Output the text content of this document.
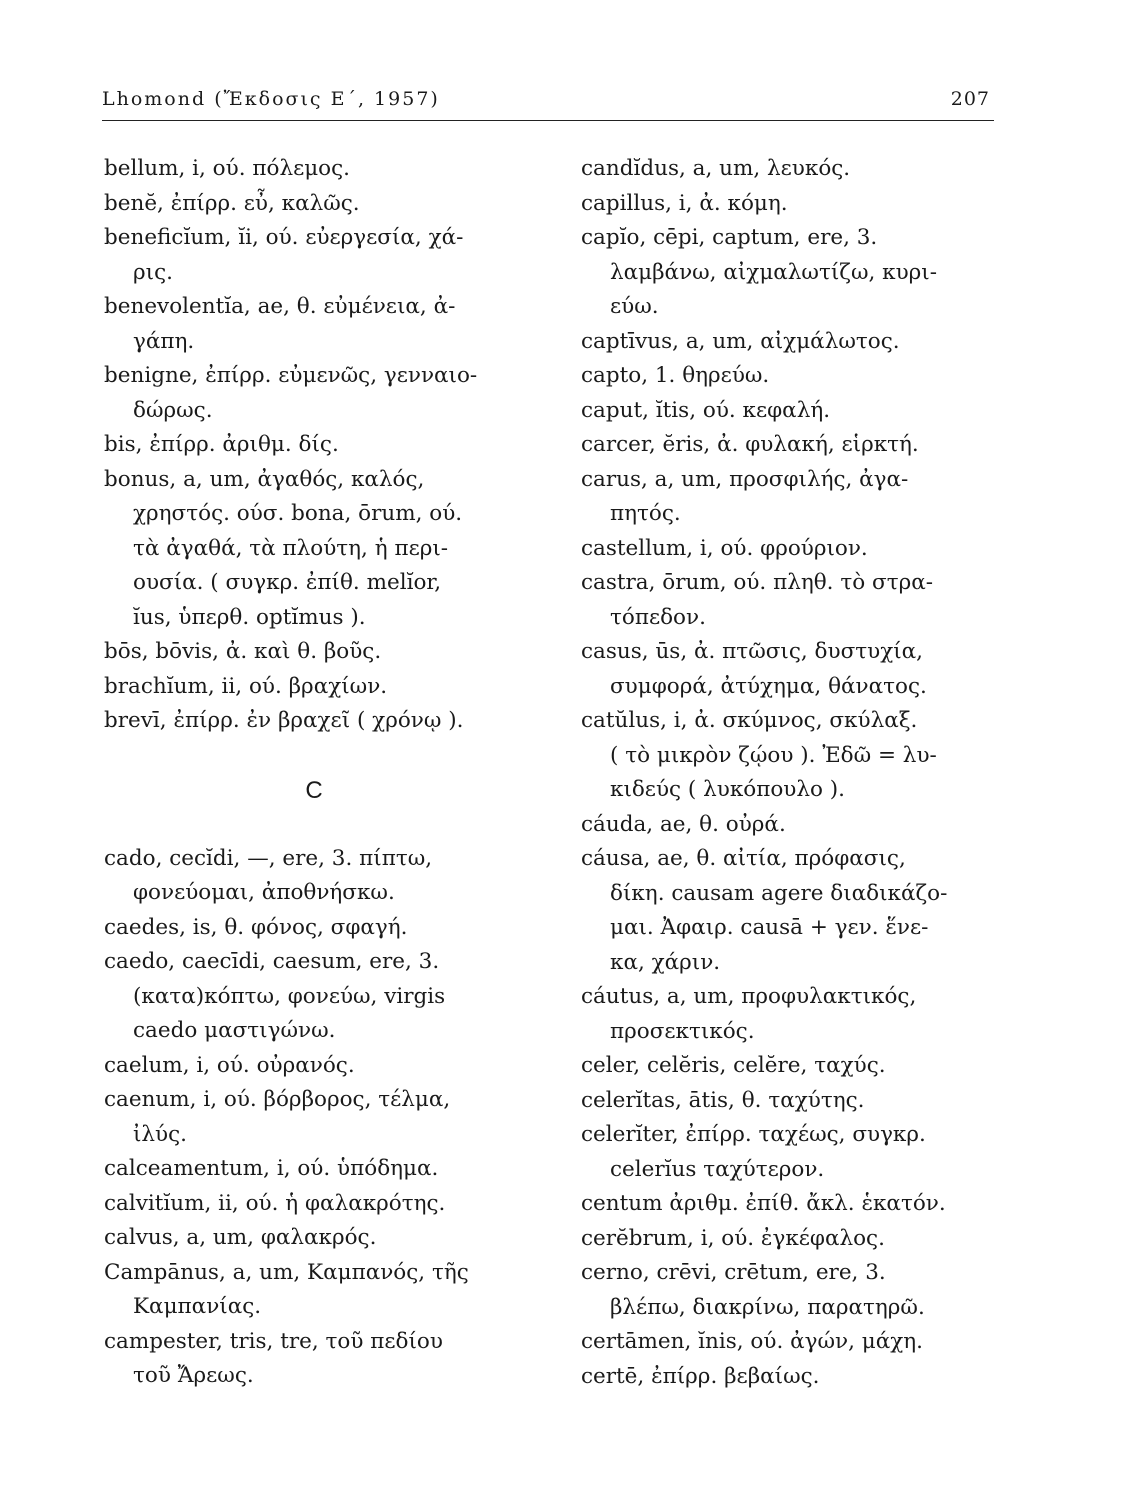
Lhomond (Ἔκδοσις Ε΄, 1957)	207
bellum, i, ού. πόλεμος.
benĕ, ἐπίρρ. εὖ, καλῶς.
beneficĭum, ĭi, ού. εὐεργεσία, χά-
ρις.
benevolentĭa, ae, θ. εὐμένεια, ἀ-
γάπη.
benigne, ἐπίρρ. εὐμενῶς, γενναιο-
δώρως.
bis, ἐπίρρ. ἀριθμ. δίς.
bonus, a, um, ἀγαθός, καλός,
χρηστός. ούσ. bona, ōrum, ού.
τὰ ἀγαθά, τὰ πλούτη, ἡ περι-
ουσία. ( συγκρ. ἐπίθ. melĭor,
ĭus, ὑπερθ. optĭmus ).
bōs, bōvis, ἀ. καὶ θ. βοῦς.
brachĭum, ii, ού. βραχίων.
brevī, ἐπίρρ. ἐν βραχεῖ ( χρόνῳ ).
C
cado, cecĭdi, —, ere, 3. πίπτω,
φονεύομαι, ἀποθνήσκω.
caedes, is, θ. φόνος, σφαγή.
caedo, caecīdi, caesum, ere, 3.
(κατα)κόπτω, φονεύω, virgis
caedo μαστιγώνω.
caelum, i, ού. οὐρανός.
caenum, i, ού. βόρβορος, τέλμα,
ἰλύς.
calceamentum, i, ού. ὑπόδημα.
calvitĭum, ii, ού. ἡ φαλακρότης.
calvus, a, um, φαλακρός.
Campānus, a, um, Καμπανός, τῆς
Καμπανίας.
campester, tris, tre, τοῦ πεδίου
τοῦ Ἄρεως.
candĭdus, a, um, λευκός.
capillus, i, ἀ. κόμη.
capĭo, cēpi, captum, ere, 3.
λαμβάνω, αἰχμαλωτίζω, κυρι-
εύω.
captīvus, a, um, αἰχμάλωτος.
capto, 1. θηρεύω.
caput, ĭtis, ού. κεφαλή.
carcer, ĕris, ἀ. φυλακή, εἱρκτή.
carus, a, um, προσφιλής, ἀγα-
πητός.
castellum, i, ού. φρούριον.
castra, ōrum, ού. πληθ. τὸ στρα-
τόπεδον.
casus, ūs, ἀ. πτῶσις, δυστυχία,
συμφορά, ἀτύχημα, θάνατος.
catŭlus, i, ἀ. σκύμνος, σκύλαξ.
( τὸ μικρὸν ζῴου ). Ἐδῶ = λυ-
κιδεύς ( λυκόπουλο ).
cáuda, ae, θ. οὐρά.
cáusa, ae, θ. αἰτία, πρόφασις,
δίκη. causam agere διαδικάζο-
μαι. Ἀφαιρ. causā + γεν. ἕνε-
κα, χάριν.
cáutus, a, um, προφυλακτικός,
προσεκτικός.
celer, celĕris, celĕre, ταχύς.
celerĭtas, ātis, θ. ταχύτης.
celerĭter, ἐπίρρ. ταχέως, συγκρ.
celerĭus ταχύτερον.
centum ἀριθμ. ἐπίθ. ἄκλ. ἑκατόν.
cerĕbrum, i, ού. ἐγκέφαλος.
cerno, crēvi, crētum, ere, 3.
βλέπω, διακρίνω, παρατηρῶ.
certāmen, ĭnis, ού. ἀγών, μάχη.
certē, ἐπίρρ. βεβαίως.
